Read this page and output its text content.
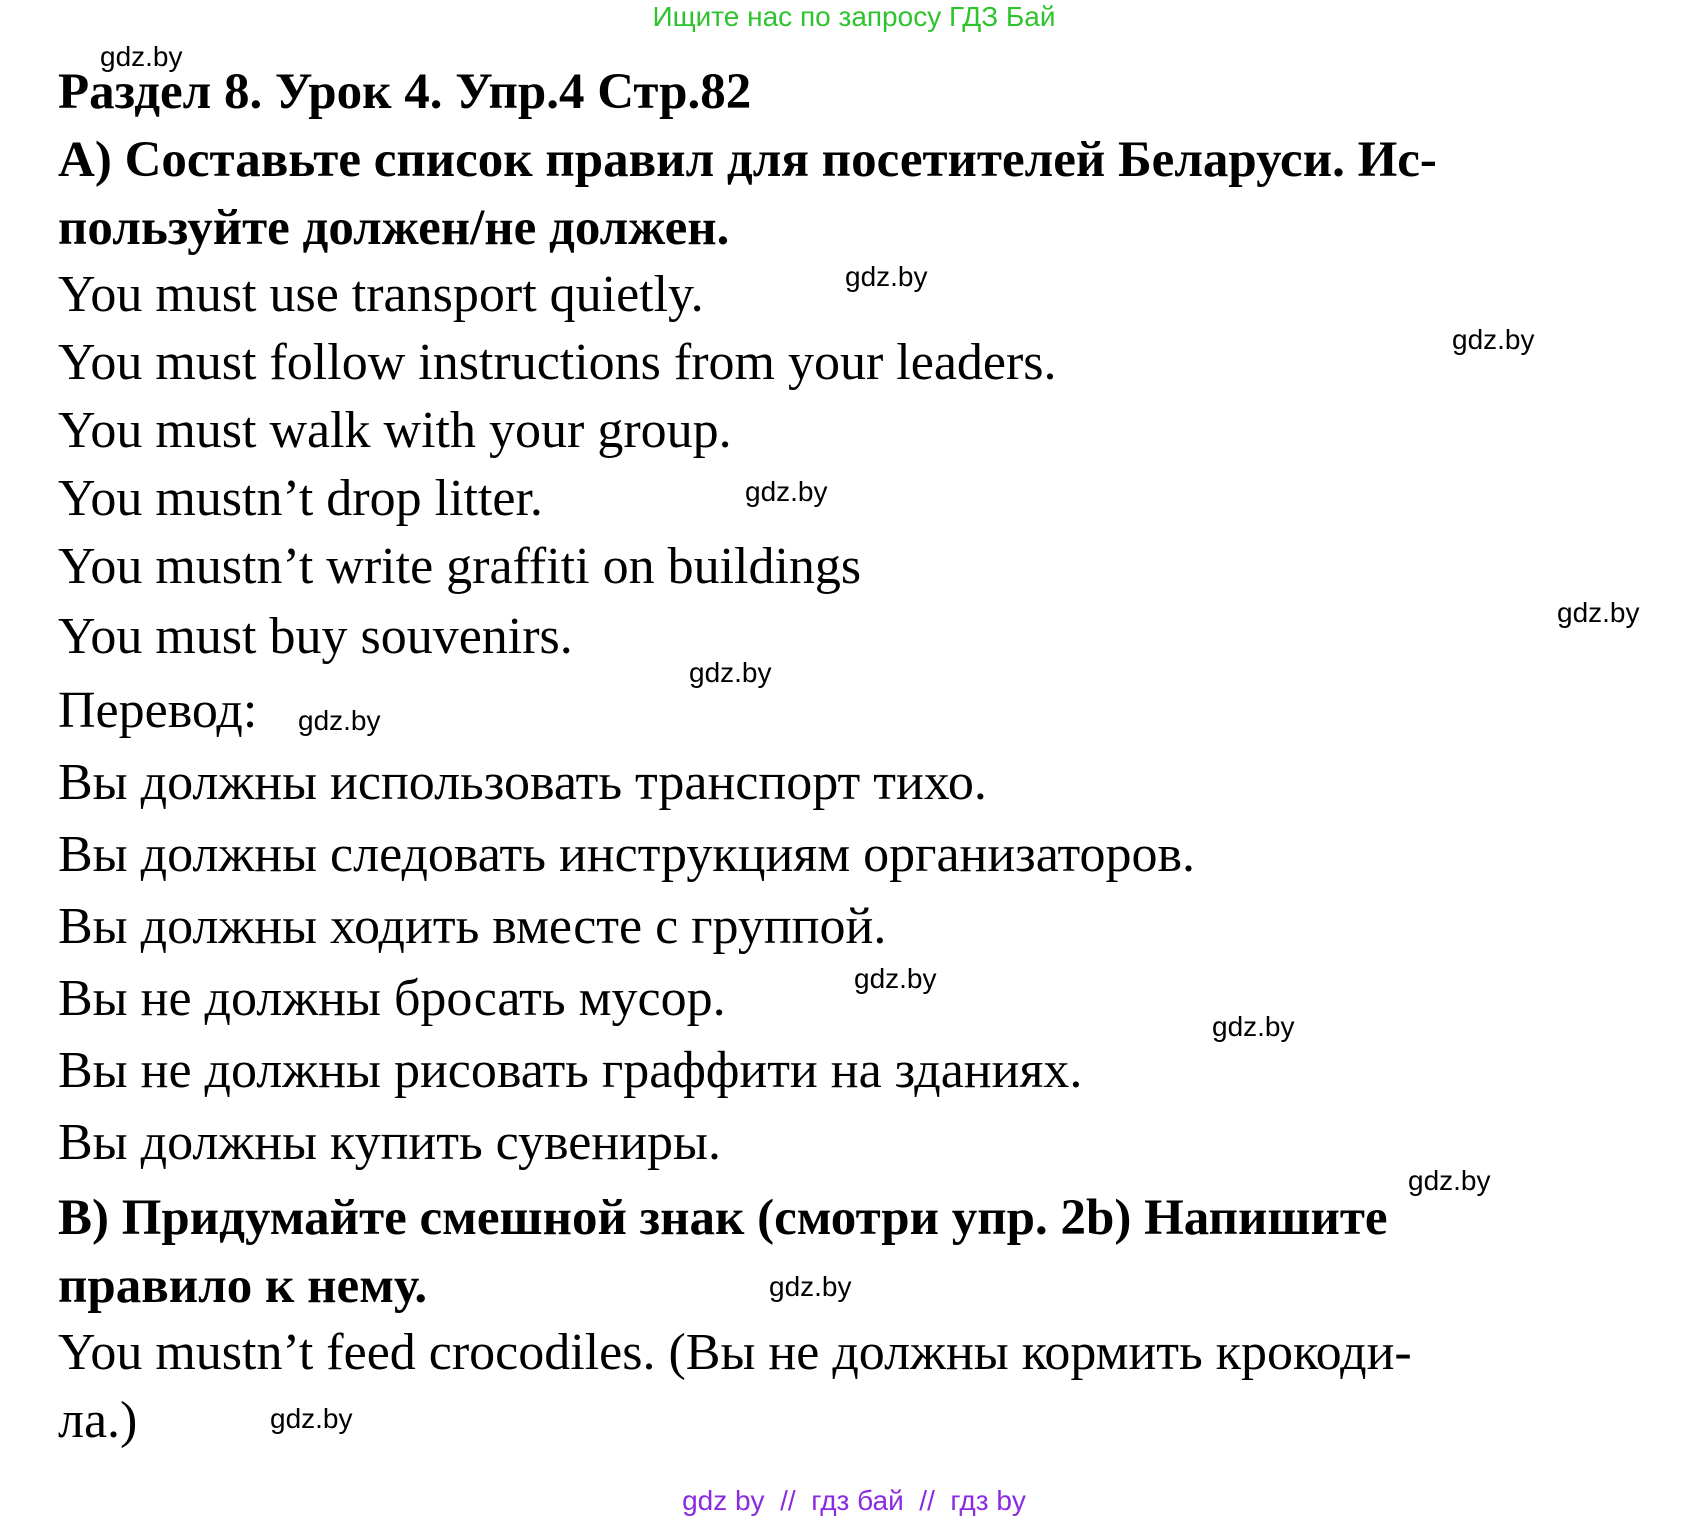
Ищите нас по запросу ГДЗ Бай
gdz.by
Раздел 8. Урок 4. Упр.4 Стр.82
А) Составьте список правил для посетителей Беларуси. Ис-
пользуйте должен/не должен.
You must use transport quietly.	gdz.by
You must follow instructions from your leaders.	gdz.by
You must walk with your group.
You mustn’t drop litter.	gdz.by
You mustn’t write graffiti on buildings
gdz.by
You must buy souvenirs.
gdz.by
Перевод: gdz.by
Вы должны использовать транспорт тихо.
Вы должны следовать инструкциям организаторов.
Вы должны ходить вместе с группой.
gdz.by
Вы не должны бросать мусор.	gdz.by
Вы не должны рисовать граффити на зданиях.
Вы должны купить сувениры.
gdz.by
B) Придумайте смешной знак (смотри упр. 2b) Напишите
правило к нему.	gdz.by
You mustn’t feed crocodiles. (Вы не должны кормить крокоди-
ла.)	gdz.by
gdz by  //  гдз бай  //  гдз by
